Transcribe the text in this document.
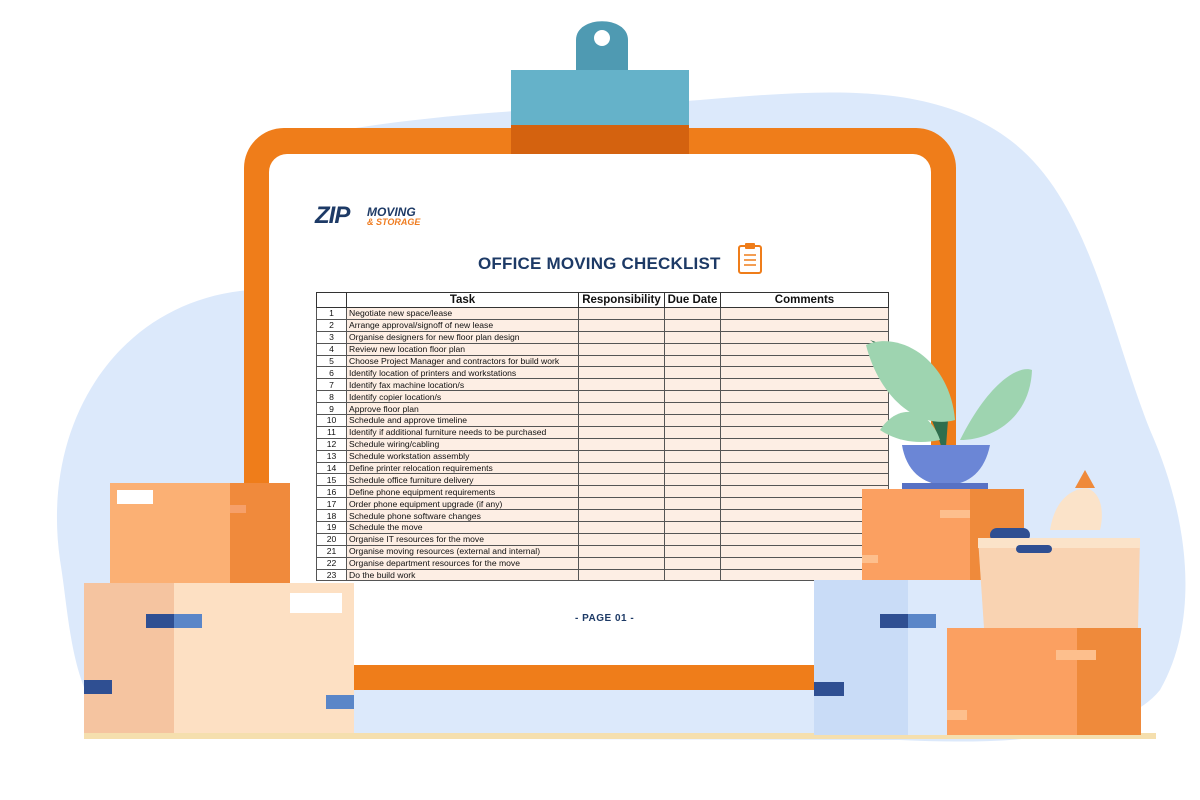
ZIP MOVING
& STORAGE
OFFICE MOVING CHECKLIST
	Task	Responsibility	Due Date	Comments
1	Negotiate new space/lease			
2	Arrange approval/signoff of new lease			
3	Organise designers for new floor plan design			
4	Review new location floor plan			
5	Choose Project Manager and contractors for build work			
6	Identify location of printers and workstations			
7	Identify fax machine location/s			
8	Identify copier location/s			
9	Approve floor plan			
10	Schedule and approve timeline			
11	Identify if additional furniture needs to be purchased			
12	Schedule wiring/cabling			
13	Schedule workstation assembly			
14	Define printer relocation requirements			
15	Schedule office furniture delivery			
16	Define phone equipment requirements			
17	Order phone equipment upgrade (if any)			
18	Schedule phone software changes			
19	Schedule the move			
20	Organise IT resources for the move			
21	Organise moving resources (external and internal)			
22	Organise department resources for the move			
23	Do the build work			
- PAGE 01 -
